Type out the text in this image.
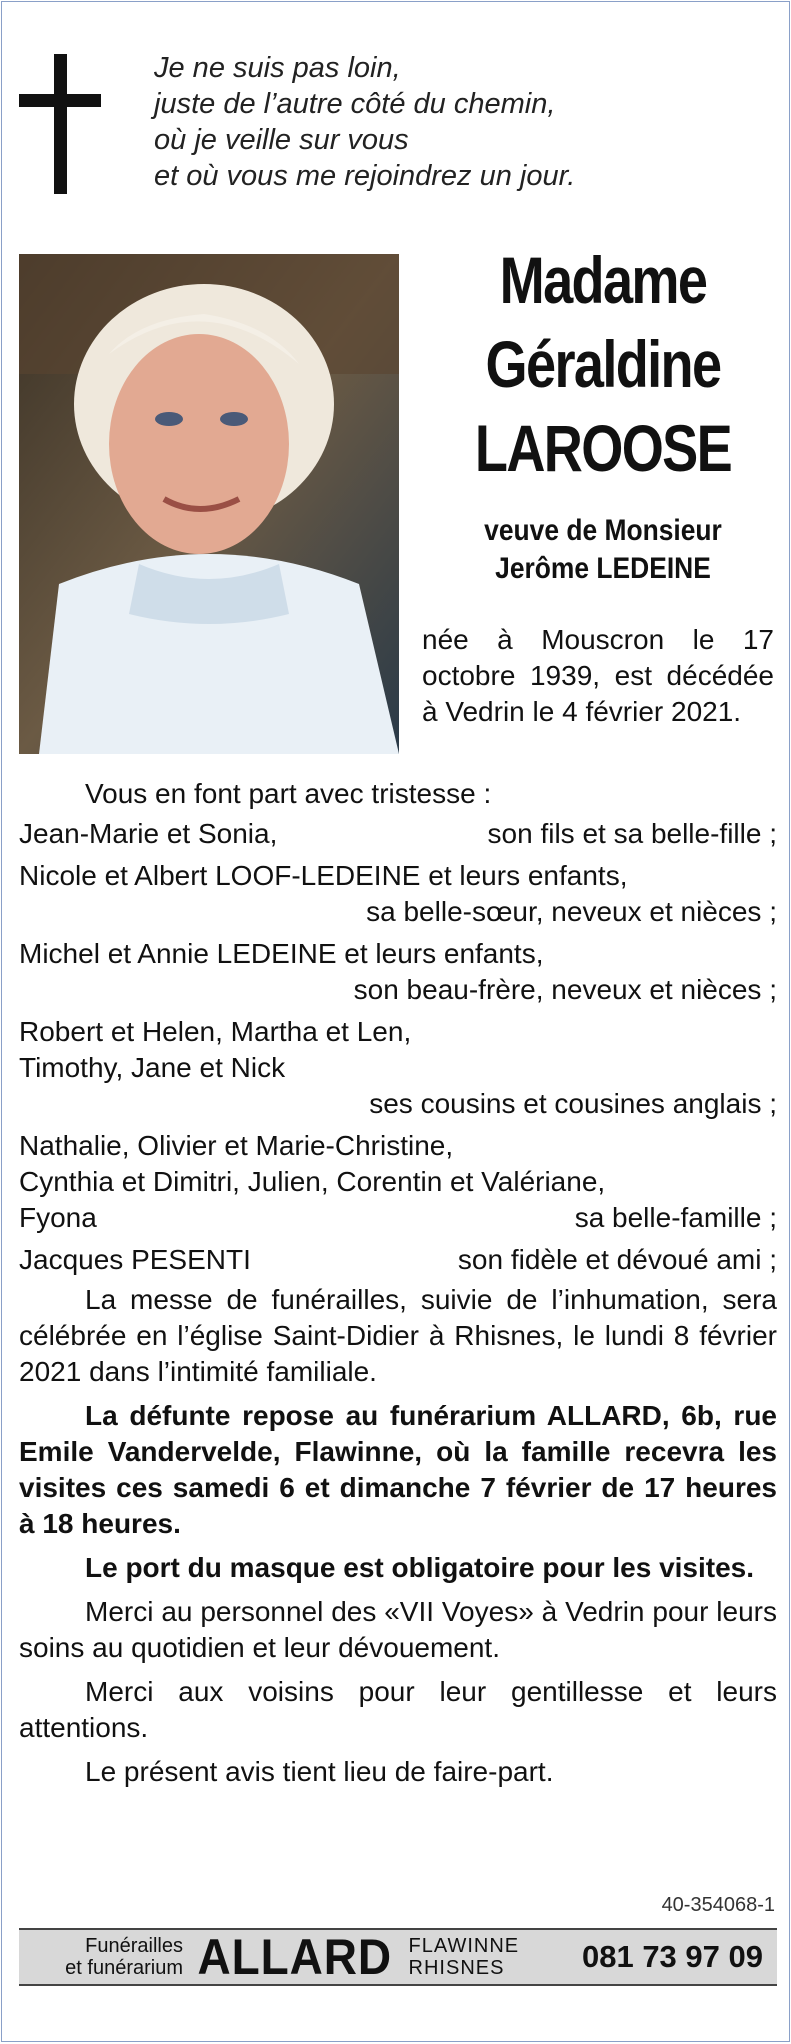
Je ne suis pas loin,
juste de l’autre côté du chemin,
où je veille sur vous
et où vous me rejoindrez un jour.
Madame
Géraldine
LAROOSE
veuve de Monsieur
Jerôme LEDEINE
née à Mouscron le 17 octobre 1939, est décédée à Vedrin le 4 février 2021.
Vous en font part avec tristesse :
Jean-Marie et Sonia,	son fils et sa belle-fille ;
Nicole et Albert LOOF-LEDEINE et leurs enfants,
sa belle-sœur, neveux et nièces ;
Michel et Annie LEDEINE et leurs enfants,
son beau-frère, neveux et nièces ;
Robert et Helen, Martha et Len,
Timothy, Jane et Nick
ses cousins et cousines anglais ;
Nathalie, Olivier et Marie-Christine,
Cynthia et Dimitri, Julien, Corentin et Valériane,
Fyona	sa belle-famille ;
Jacques PESENTI	son fidèle et dévoué ami ;
La messe de funérailles, suivie de l’inhumation, sera célébrée en l’église Saint-Didier à Rhisnes, le lundi 8 février 2021 dans l’intimité familiale.
La défunte repose au funérarium ALLARD, 6b, rue Emile Vandervelde, Flawinne, où la famille recevra les visites ces samedi 6 et dimanche 7 février de 17 heures à 18 heures.
Le port du masque est obligatoire pour les visites.
Merci au personnel des «VII Voyes» à Vedrin pour leurs soins au quotidien et leur dévouement.
Merci aux voisins pour leur gentillesse et leurs attentions.
Le présent avis tient lieu de faire-part.
40-354068-1
Funérailles
et funérarium ALLARD FLAWINNE
RHISNES	081 73 97 09
